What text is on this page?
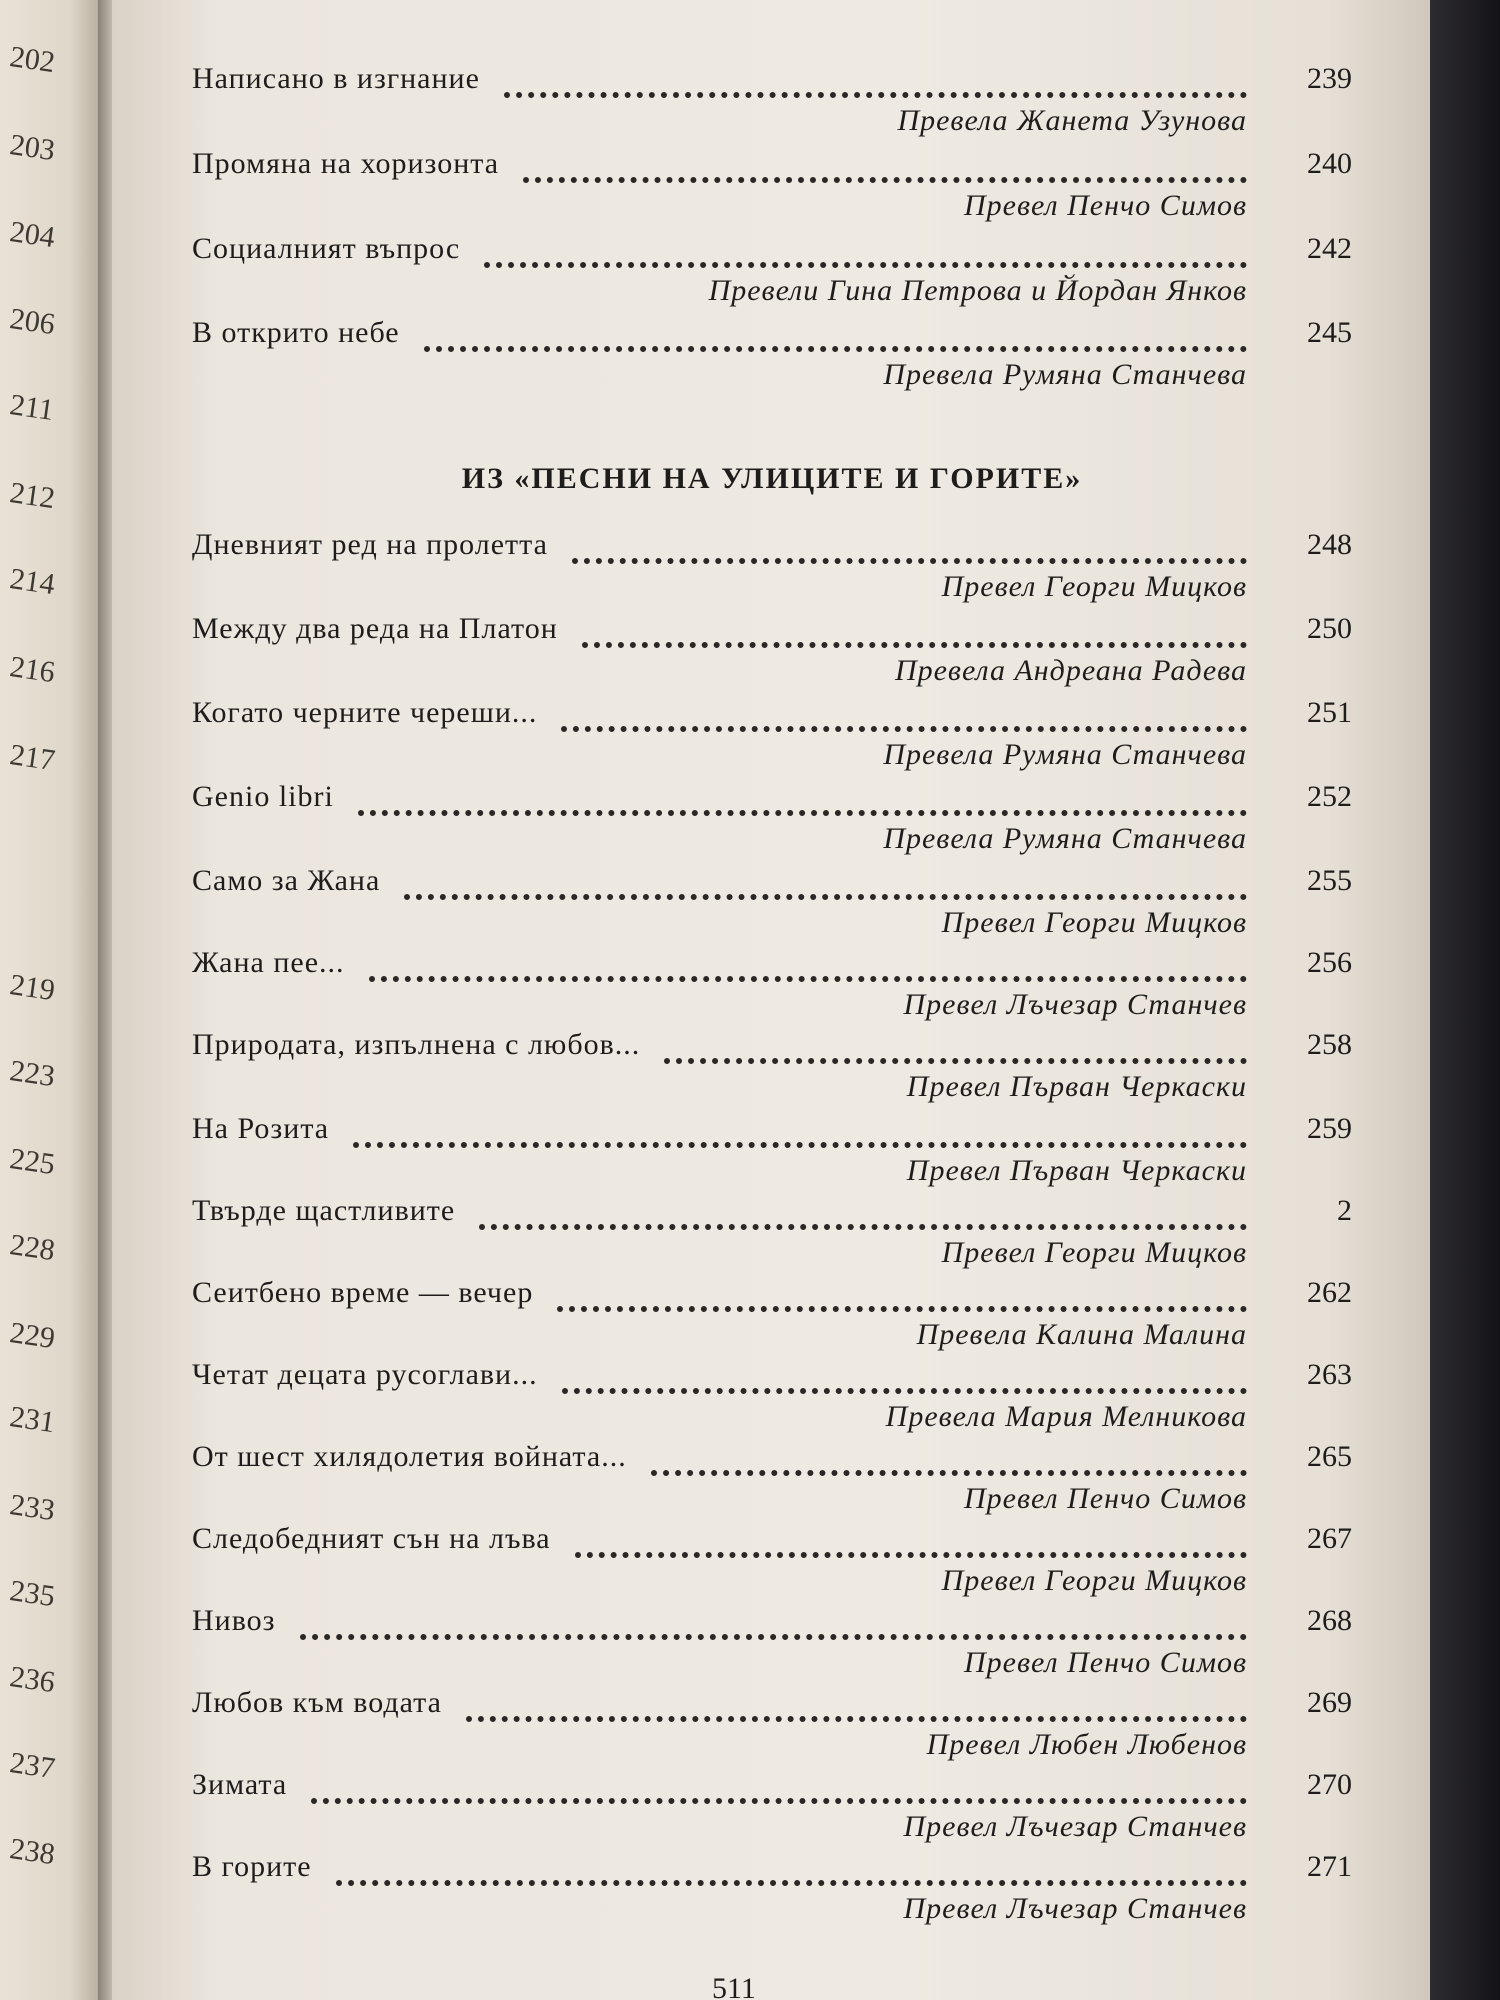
202
203
204
206
211
212
214
216
217
219
223
225
228
229
231
233
235
236
237
238
ИЗ «ПЕСНИ НА УЛИЦИТЕ И ГОРИТЕ»
Написано в изгнание	239
Превела Жанета Узунова
Промяна на хоризонта	240
Превел Пенчо Симов
Социалният въпрос	242
Превели Гина Петрова и Йордан Янков
В открито небе	245
Превела Румяна Станчева
Дневният ред на пролетта	248
Превел Георги Мицков
Между два реда на Платон	250
Превела Андреана Радева
Когато черните череши...	251
Превела Румяна Станчева
Genio libri	252
Превела Румяна Станчева
Само за Жана	255
Превел Георги Мицков
Жана пее...	256
Превел Лъчезар Станчев
Природата, изпълнена с любов...	258
Превел Първан Черкаски
На Розита	259
Превел Първан Черкаски
Твърде щастливите	2
Превел Георги Мицков
Сеитбено време — вечер	262
Превела Калина Малина
Четат децата русоглави...	263
Превела Мария Мелникова
От шест хилядолетия войната...	265
Превел Пенчо Симов
Следобедният сън на лъва	267
Превел Георги Мицков
Нивоз	268
Превел Пенчо Симов
Любов към водата	269
Превел Любен Любенов
Зимата	270
Превел Лъчезар Станчев
В горите	271
Превел Лъчезар Станчев
511
